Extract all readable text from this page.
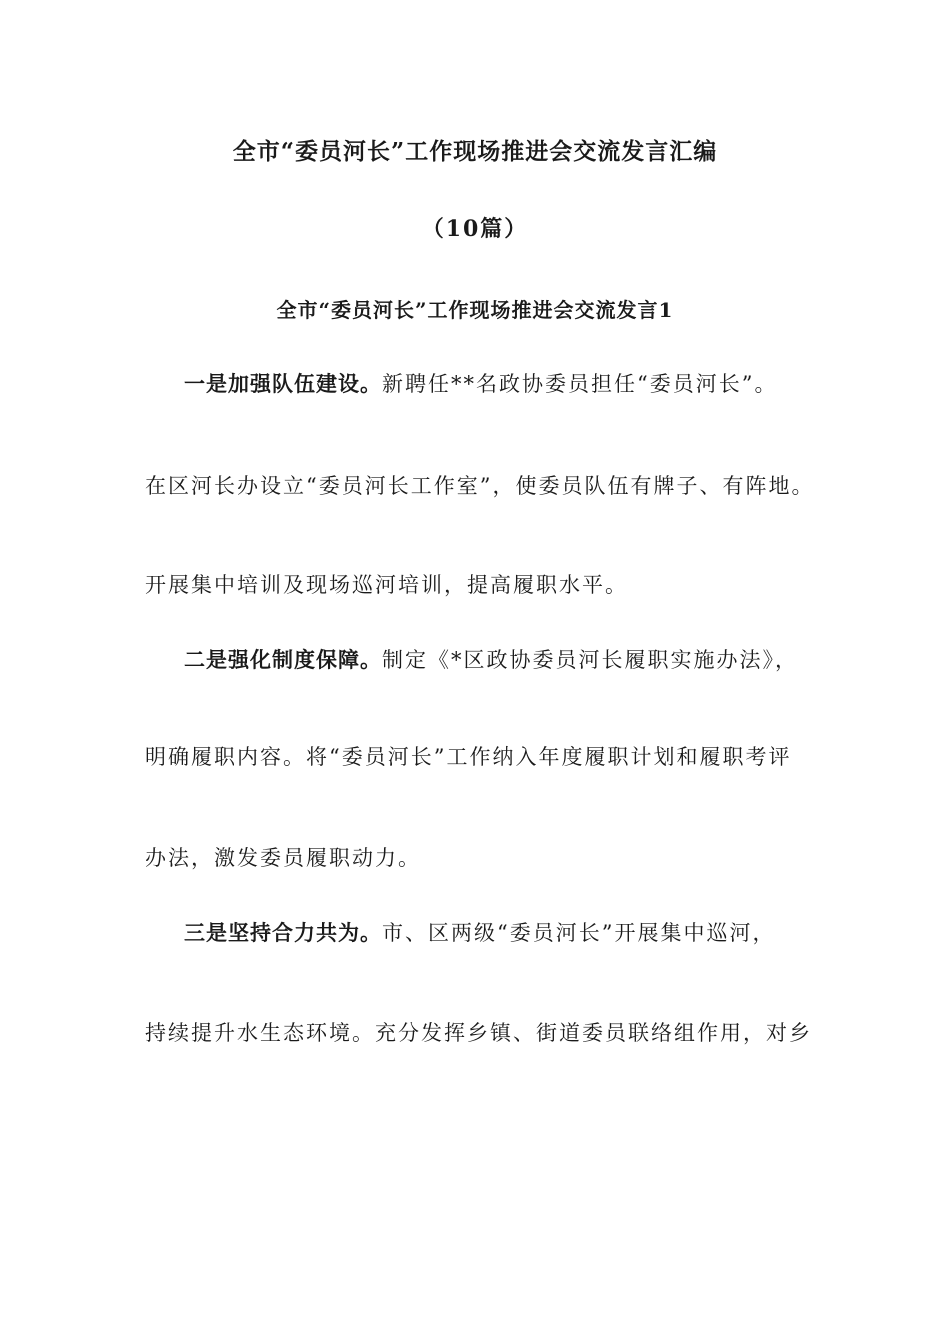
全市“委员河长”工作现场推进会交流发言汇编
（10篇）
全市“委员河长”工作现场推进会交流发言1
一是加强队伍建设。新聘任**名政协委员担任“委员河长”。
在区河长办设立“委员河长工作室”，使委员队伍有牌子、有阵地。
开展集中培训及现场巡河培训，提高履职水平。
二是强化制度保障。制定《*区政协委员河长履职实施办法》，
明确履职内容。将“委员河长”工作纳入年度履职计划和履职考评
办法，激发委员履职动力。
三是坚持合力共为。市、区两级“委员河长”开展集中巡河，
持续提升水生态环境。充分发挥乡镇、街道委员联络组作用，对乡
